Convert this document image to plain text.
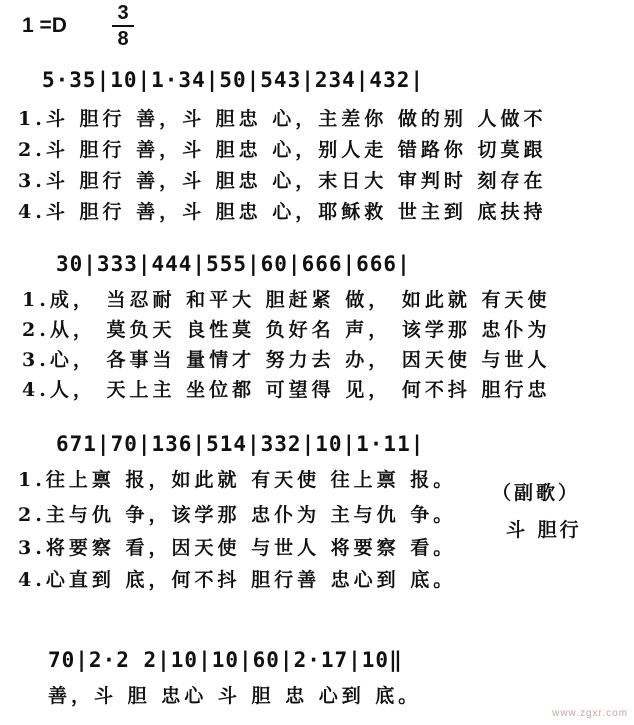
1 =D
3
8

5·35|10|1·34|50|543|234|432|

1.斗 胆行 善，斗 胆忠 心，主差你 做的别 人做不
2.斗 胆行 善，斗 胆忠 心，别人走 错路你 切莫跟
3.斗 胆行 善，斗 胆忠 心，末日大 审判时 刻存在
4.斗 胆行 善，斗 胆忠 心，耶稣救 世主到 底扶持

30|333|444|555|60|666|666|

1.成， 当忍耐 和平大 胆赶紧 做， 如此就 有天使
2.从， 莫负天 良性莫 负好名 声， 该学那 忠仆为
3.心， 各事当 量情才 努力去 办， 因天使 与世人
4.人， 天上主 坐位都 可望得 见， 何不抖 胆行忠

671|70|136|514|332|10|1·11|

1.往上禀 报，如此就 有天使 往上禀 报。
2.主与仇 争，该学那 忠仆为 主与仇 争。
3.将要察 看，因天使 与世人 将要察 看。
4.心直到 底，何不抖 胆行善 忠心到 底。
（副歌）
斗 胆行

70|2·2 2|10|10|60|2·17|10‖

善，斗 胆 忠心 斗 胆 忠 心到 底。
www.zgxr.com
